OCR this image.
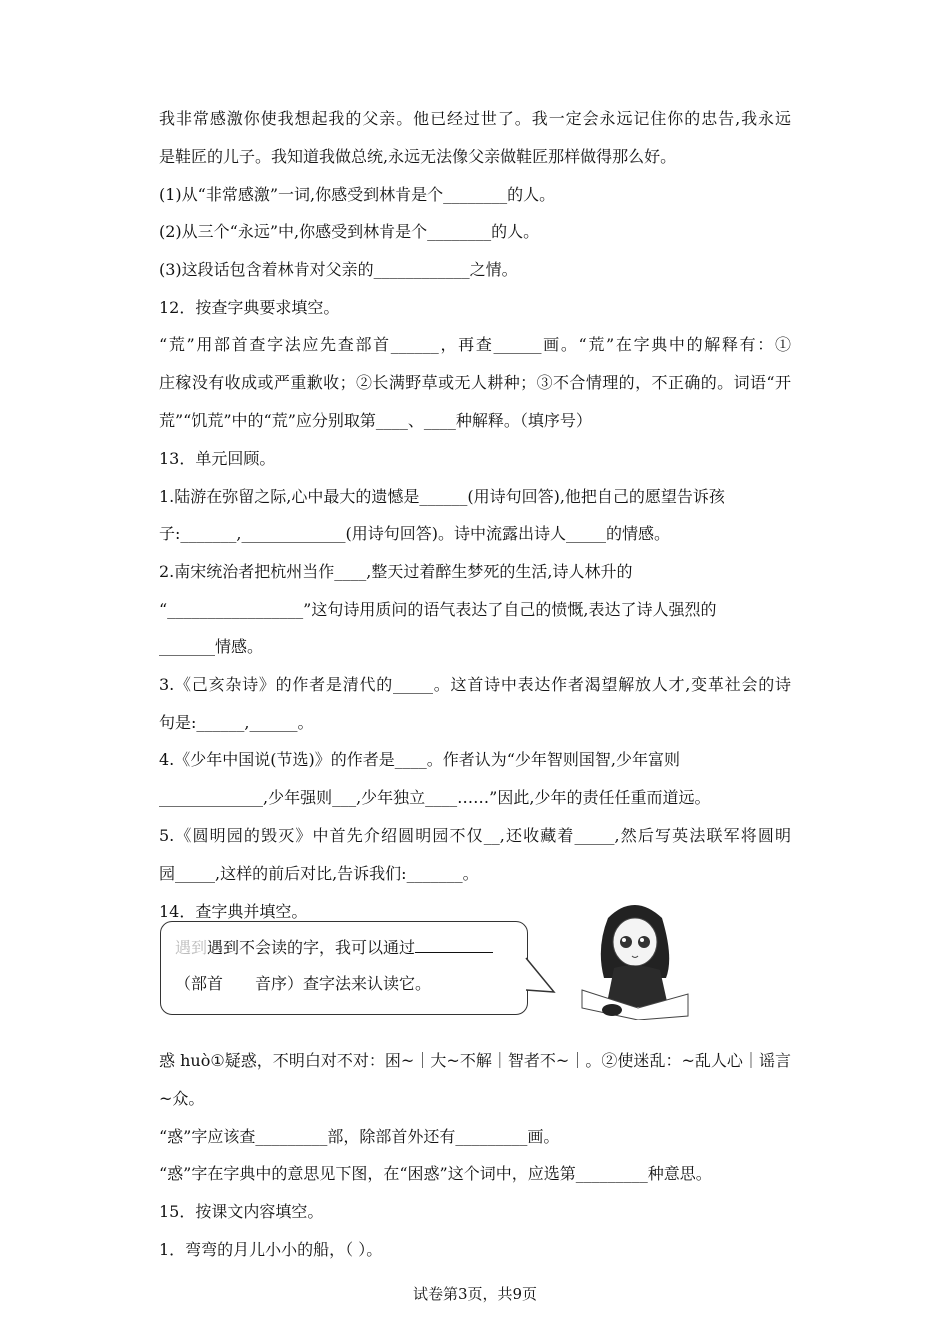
我非常感激你使我想起我的父亲。他已经过世了。我一定会永远记住你的忠告,我永远
是鞋匠的儿子。我知道我做总统,永远无法像父亲做鞋匠那样做得那么好。
(1)从“非常感激”一词,你感受到林肯是个________的人。
(2)从三个“永远”中,你感受到林肯是个________的人。
(3)这段话包含着林肯对父亲的____________之情。
12．按查字典要求填空。
“荒”用部首查字法应先查部首______，再查______画。“荒”在字典中的解释有：①
庄稼没有收成或严重歉收；②长满野草或无人耕种；③不合情理的，不正确的。词语“开
荒”“饥荒”中的“荒”应分别取第____、____种解释。（填序号）
13．单元回顾。
1.陆游在弥留之际,心中最大的遗憾是______(用诗句回答),他把自己的愿望告诉孩
子:_______,_____________(用诗句回答)。诗中流露出诗人_____的情感。
2.南宋统治者把杭州当作____,整天过着醉生梦死的生活,诗人林升的
“_________________”这句诗用质问的语气表达了自己的愤慨,表达了诗人强烈的
_______情感。
3.《己亥杂诗》的作者是清代的_____。这首诗中表达作者渴望解放人才,变革社会的诗
句是:______,______。
4.《少年中国说(节选)》的作者是____。作者认为“少年智则国智,少年富则
_____________,少年强则___,少年独立____……”因此,少年的责任任重而道远。
5.《圆明园的毁灭》中首先介绍圆明园不仅__,还收藏着_____,然后写英法联军将圆明
园_____,这样的前后对比,告诉我们:_______。
14．查字典并填空。
遇到 遇到不会读的字，我可以通过
（部首　　音序）查字法来认读它。
惑 huò①疑惑，不明白对不对：困~｜大~不解｜智者不~｜。②使迷乱：~乱人心｜谣言
~众。
“惑”字应该查_________部，除部首外还有_________画。
“惑”字在字典中的意思见下图，在“困惑”这个词中，应选第_________种意思。
15．按课文内容填空。
1．弯弯的月儿小小的船，（ ）。
试卷第3页，共9页
